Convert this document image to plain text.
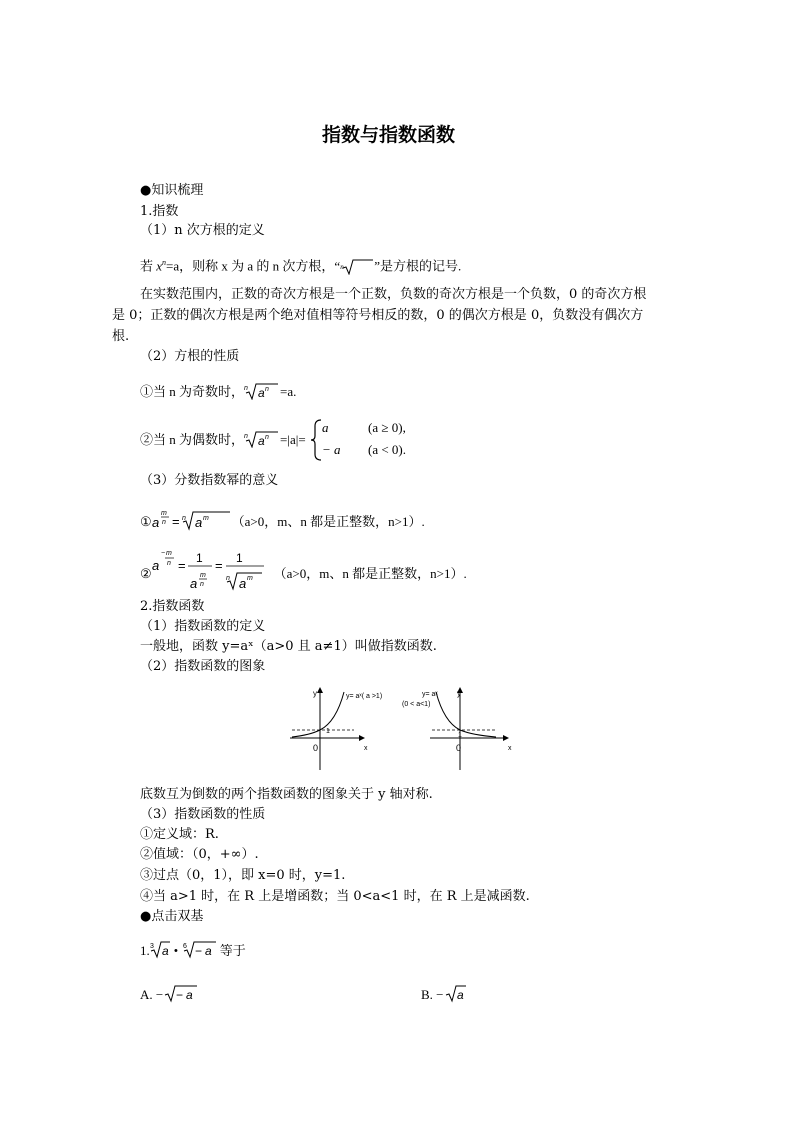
指数与指数函数
●知识梳理
1.指数
（1）n 次方根的定义
若 $x^n=a$，则称 x 为 a 的 n 次方根，“ n ”是方根的记号.
在实数范围内，正数的奇次方根是一个正数，负数的奇次方根是一个负数，0 的奇次方根
是 0；正数的偶次方根是两个绝对值相等符号相反的数，0 的偶次方根是 0，负数没有偶次方
根.
（2）方根的性质
①当 n 为奇数时， n a n =a.
②当 n 为偶数时， n a n =|a|=
a	(a ≥ 0),
− a (a < 0).
（3）分数指数幂的意义
① a
m
n = n a m （a>0，m、n 都是正整数，n>1）.
②
a
− m
n = 1
a
m
n
= 1
n a m （a>0，m、n 都是正整数，n>1）.
2.指数函数
（1）指数函数的定义
一般地，函数 y=aˣ（a>0 且 a≠1）叫做指数函数.
（2）指数函数的图象
y	y= aˣ( a >1)
1
0	x
y
y= aˣ
(0 < a<1)
1
0	x
底数互为倒数的两个指数函数的图象关于 y 轴对称.
（3）指数函数的性质
①定义域：R.
②值域：（0，+∞）.
③过点（0，1），即 x=0 时，y=1.
④当 a>1 时，在 R 上是增函数；当 0<a<1 时，在 R 上是减函数.
●点击双基
1. 3 a • 6 − a 等于
A. − − a	B. − a
